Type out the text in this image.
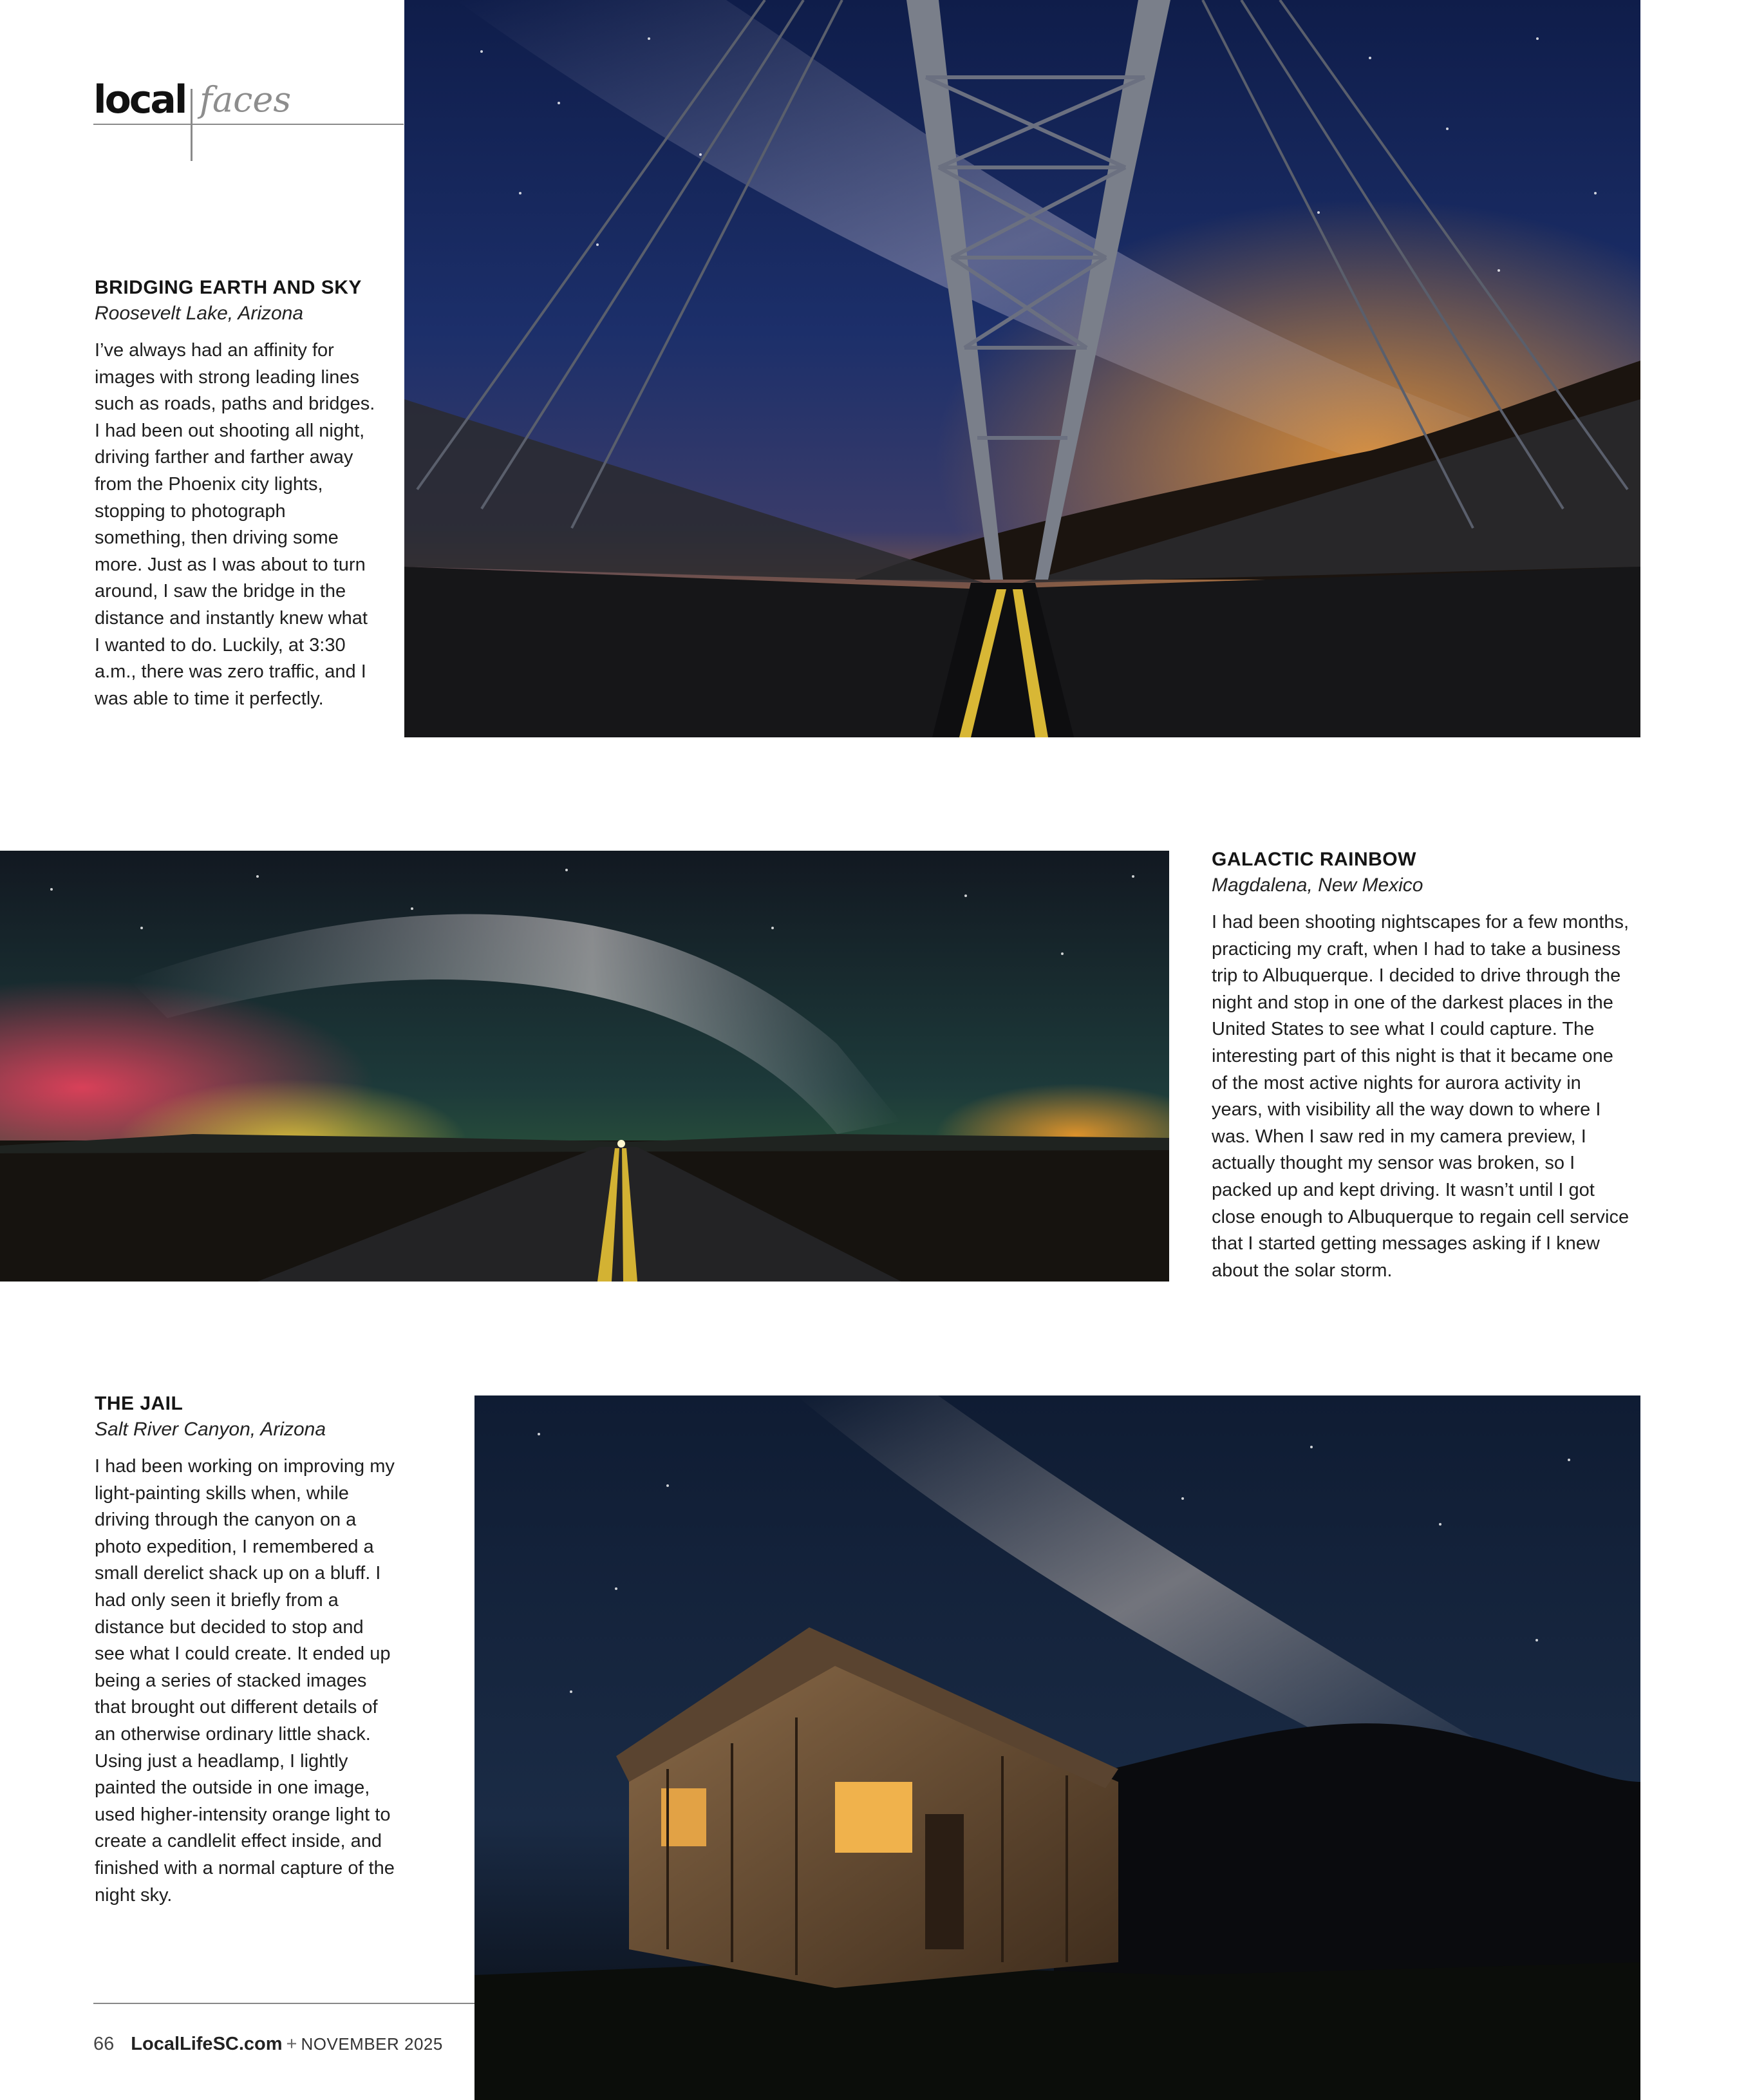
local faces
BRIDGING EARTH AND SKY
Roosevelt Lake, Arizona
I’ve always had an affinity for images with strong leading lines such as roads, paths and bridges. I had been out shooting all night, driving farther and farther away from the Phoenix city lights, stopping to photograph something, then driving some more. Just as I was about to turn around, I saw the bridge in the distance and instantly knew what I wanted to do. Luckily, at 3:30 a.m., there was zero traffic, and I was able to time it perfectly.
GALACTIC RAINBOW
Magdalena, New Mexico
I had been shooting nightscapes for a few months, practicing my craft, when I had to take a business trip to Albuquerque. I decided to drive through the night and stop in one of the darkest places in the United States to see what I could capture. The interesting part of this night is that it became one of the most active nights for aurora activity in years, with visibility all the way down to where I was. When I saw red in my camera preview, I actually thought my sensor was broken, so I packed up and kept driving. It wasn’t until I got close enough to Albuquerque to regain cell service that I started getting messages asking if I knew about the solar storm.
THE JAIL
Salt River Canyon, Arizona
I had been working on improving my light-painting skills when, while driving through the canyon on a photo expedition, I remembered a small derelict shack up on a bluff. I had only seen it briefly from a distance but decided to stop and see what I could create. It ended up being a series of stacked images that brought out different details of an otherwise ordinary little shack. Using just a headlamp, I lightly painted the outside in one image, used higher-intensity orange light to create a candlelit effect inside, and finished with a normal capture of the night sky.
66 LocalLifeSC.com + NOVEMBER 2025
